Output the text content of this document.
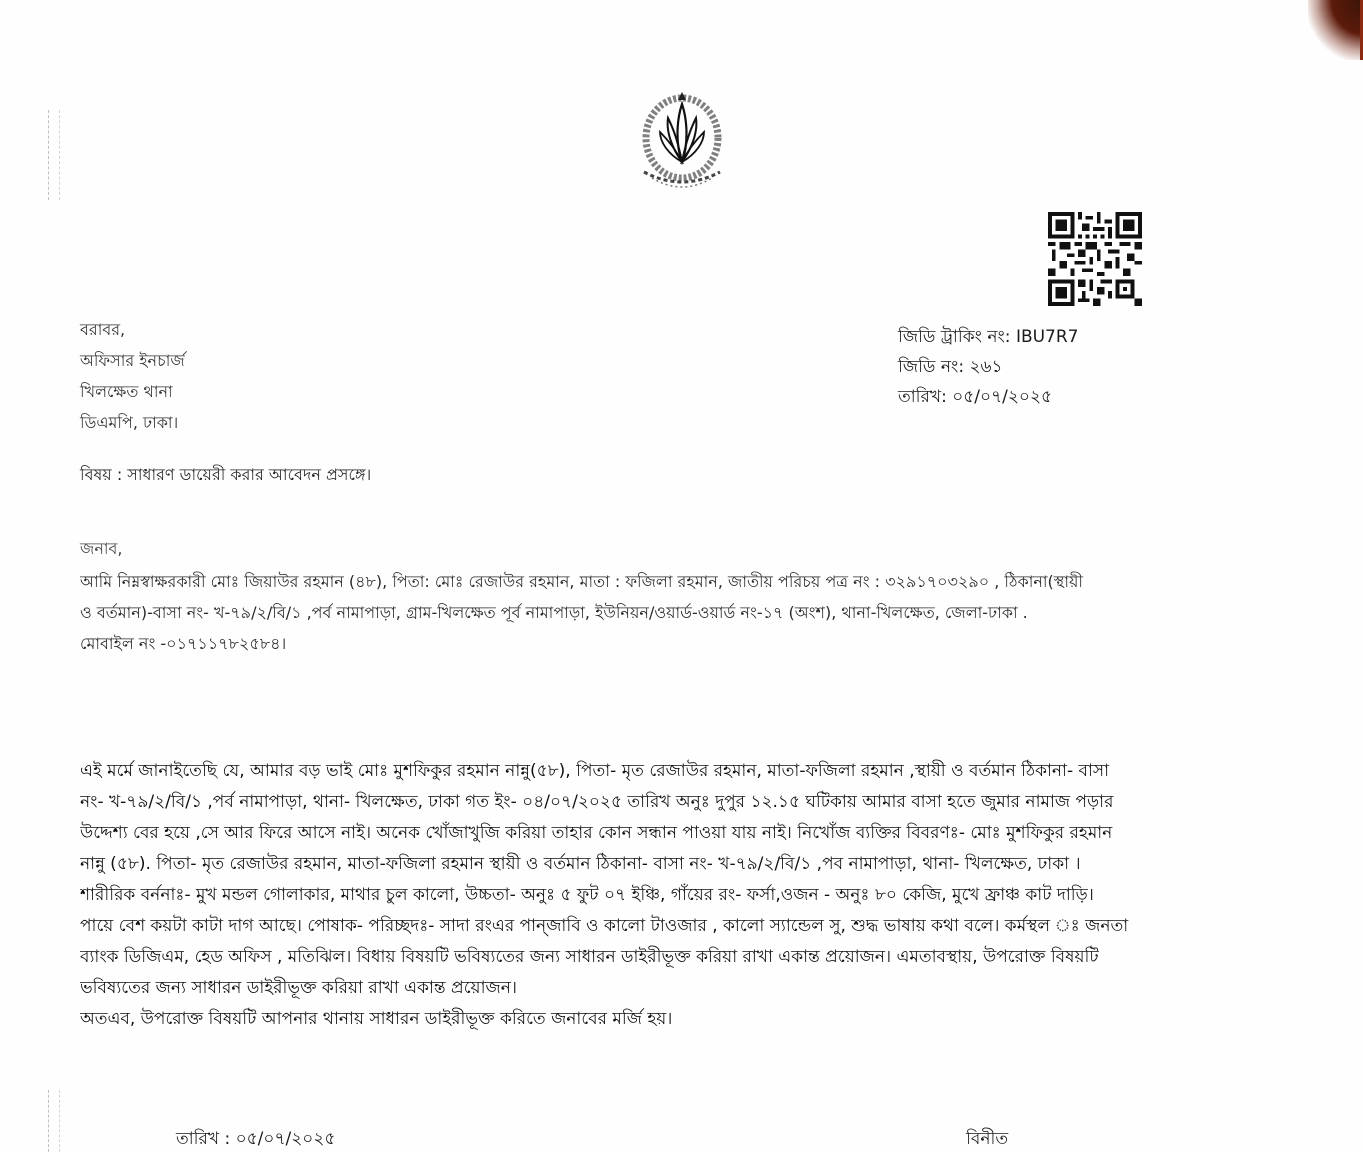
জিডি ট্রাকিং নং: IBU7R7
জিডি নং: ২৬১
তারিখ: ০৫/০৭/২০২৫
বরাবর,
অফিসার ইনচার্জ
খিলক্ষেত থানা
ডিএমপি, ঢাকা।
বিষয় : সাধারণ ডায়েরী করার আবেদন প্রসঙ্গে।
জনাব,
আমি নিম্নস্বাক্ষরকারী মোঃ জিয়াউর রহমান (৪৮), পিতা: মোঃ রেজাউর রহমান, মাতা : ফজিলা রহমান, জাতীয় পরিচয় পত্র নং : ৩২৯১৭০৩২৯০ , ঠিকানা(স্থায়ী
ও বর্তমান)-বাসা নং- খ-৭৯/২/বি/১ ,পর্ব নামাপাড়া, গ্রাম-খিলক্ষেত পূর্ব নামাপাড়া, ইউনিয়ন/ওয়ার্ড-ওয়ার্ড নং-১৭ (অংশ), থানা-খিলক্ষেত, জেলা-ঢাকা .
মোবাইল নং -০১৭১১৭৮২৫৮৪।
এই মর্মে জানাইতেছি যে, আমার বড় ভাই মোঃ মুশফিকুর রহমান নান্নু(৫৮), পিতা- মৃত রেজাউর রহমান, মাতা-ফজিলা রহমান ,স্থায়ী ও বর্তমান ঠিকানা- বাসা
নং- খ-৭৯/২/বি/১ ,পর্ব নামাপাড়া, থানা- খিলক্ষেত, ঢাকা গত ইং- ০৪/০৭/২০২৫ তারিখ অনুঃ দুপুর ১২.১৫ ঘটিকায় আমার বাসা হতে জুমার নামাজ পড়ার
উদ্দেশ্য বের হয়ে ,সে আর ফিরে আসে নাই। অনেক খোঁজাখুজি করিয়া তাহার কোন সন্ধান পাওয়া যায় নাই। নিখোঁজ ব্যক্তির বিবরণঃ- মোঃ মুশফিকুর রহমান
নান্নু (৫৮). পিতা- মৃত রেজাউর রহমান, মাতা-ফজিলা রহমান স্থায়ী ও বর্তমান ঠিকানা- বাসা নং- খ-৭৯/২/বি/১ ,পব নামাপাড়া, থানা- খিলক্ষেত, ঢাকা ।
শারীরিক বর্ননাঃ- মুখ মন্ডল গোলাকার, মাথার চুল কালো, উচ্চতা- অনুঃ ৫ ফুট ০৭ ইঞ্চি, গাঁয়ের রং- ফর্সা,ওজন - অনুঃ ৮০ কেজি, মুখে ফ্রাঞ্চ কাট দাড়ি।
পায়ে বেশ কয়টা কাটা দাগ আছে। পোষাক- পরিচ্ছদঃ- সাদা রংএর পান্জাবি ও কালো টাওজার , কালো স্যান্ডেল সু, শুদ্ধ ভাষায় কথা বলে। কর্মস্থল ঃ জনতা
ব্যাংক ডিজিএম, হেড অফিস , মতিঝিল। বিধায় বিষয়টি ভবিষ্যতের জন্য সাধারন ডাইরীভূক্ত করিয়া রাখা একান্ত প্রয়োজন। এমতাবস্থায়, উপরোক্ত বিষয়টি
ভবিষ্যতের জন্য সাধারন ডাইরীভূক্ত করিয়া রাখা একান্ত প্রয়োজন।
অতএব, উপরোক্ত বিষয়টি আপনার থানায় সাধারন ডাইরীভূক্ত করিতে জনাবের মর্জি হয়।
তারিখ : ০৫/০৭/২০২৫	বিনীত
